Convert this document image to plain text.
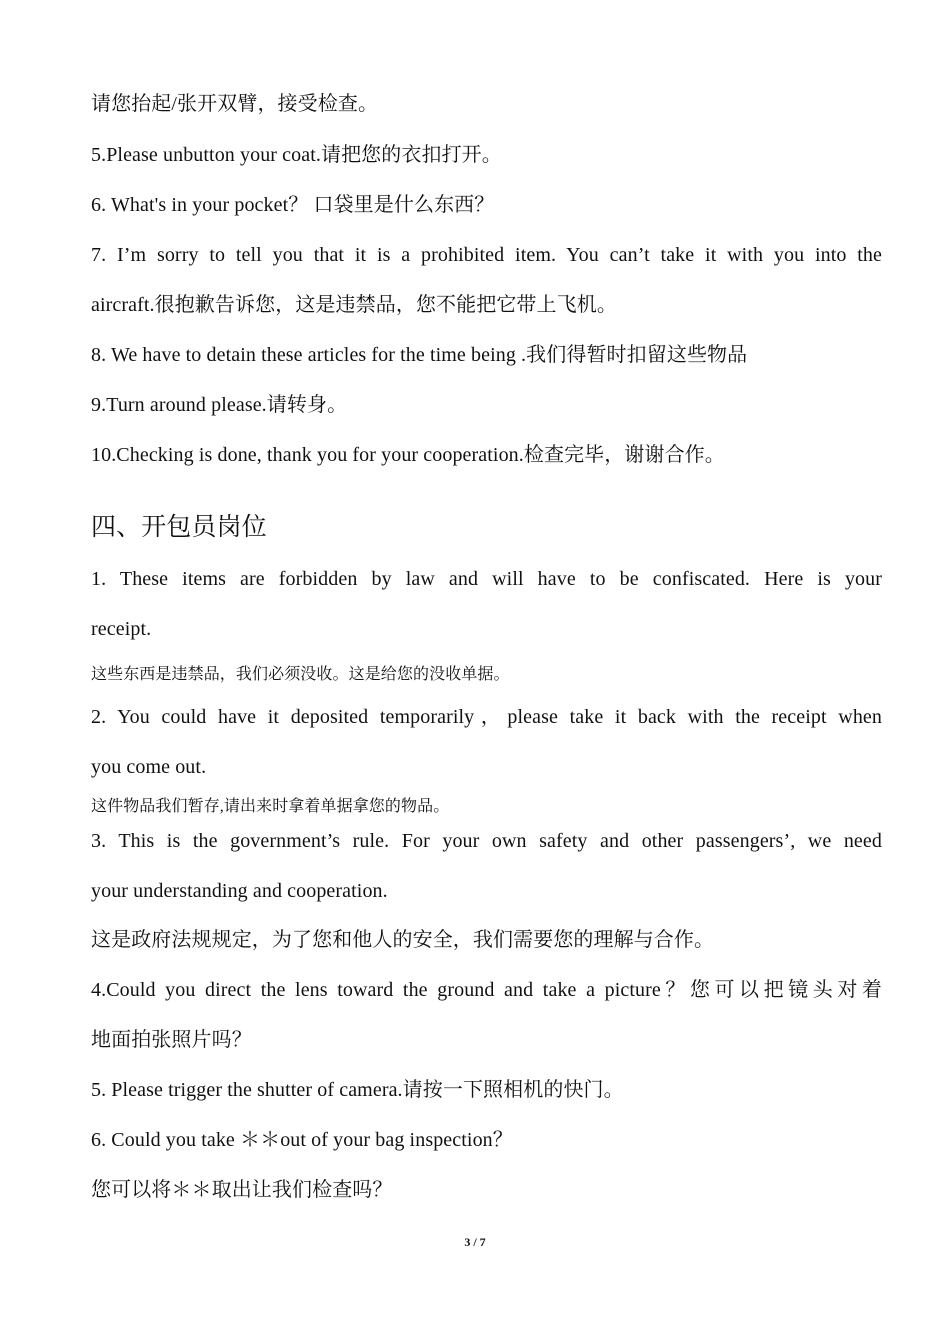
请您抬起/张开双臂，接受检查。
5.Please unbutton your coat.请把您的衣扣打开。
6. What's in your pocket？ 口袋里是什么东西？
7. I’m sorry to tell you that it is a prohibited item. You can’t take it with you into the
aircraft.很抱歉告诉您，这是违禁品，您不能把它带上飞机。
8. We have to detain these articles for the time being .我们得暂时扣留这些物品
9.Turn around please.请转身。
10.Checking is done, thank you for your cooperation.检查完毕，谢谢合作。
四、开包员岗位
1. These items are forbidden by law and will have to be confiscated. Here is your
receipt.
这些东西是违禁品，我们必须没收。这是给您的没收单据。
2. You could have it deposited temporarily，please take it back with the receipt when
you come out.
这件物品我们暂存,请出来时拿着单据拿您的物品。
3. This is the government’s rule. For your own safety and other passengers’, we need
your understanding and cooperation.
这是政府法规规定，为了您和他人的安全，我们需要您的理解与合作。
4.Could you direct the lens toward the ground and take a picture？您可以把镜头对着
地面拍张照片吗？
5. Please trigger the shutter of camera.请按一下照相机的快门。
6. Could you take ＊＊out of your bag inspection？
您可以将＊＊取出让我们检查吗？
3 / 7
